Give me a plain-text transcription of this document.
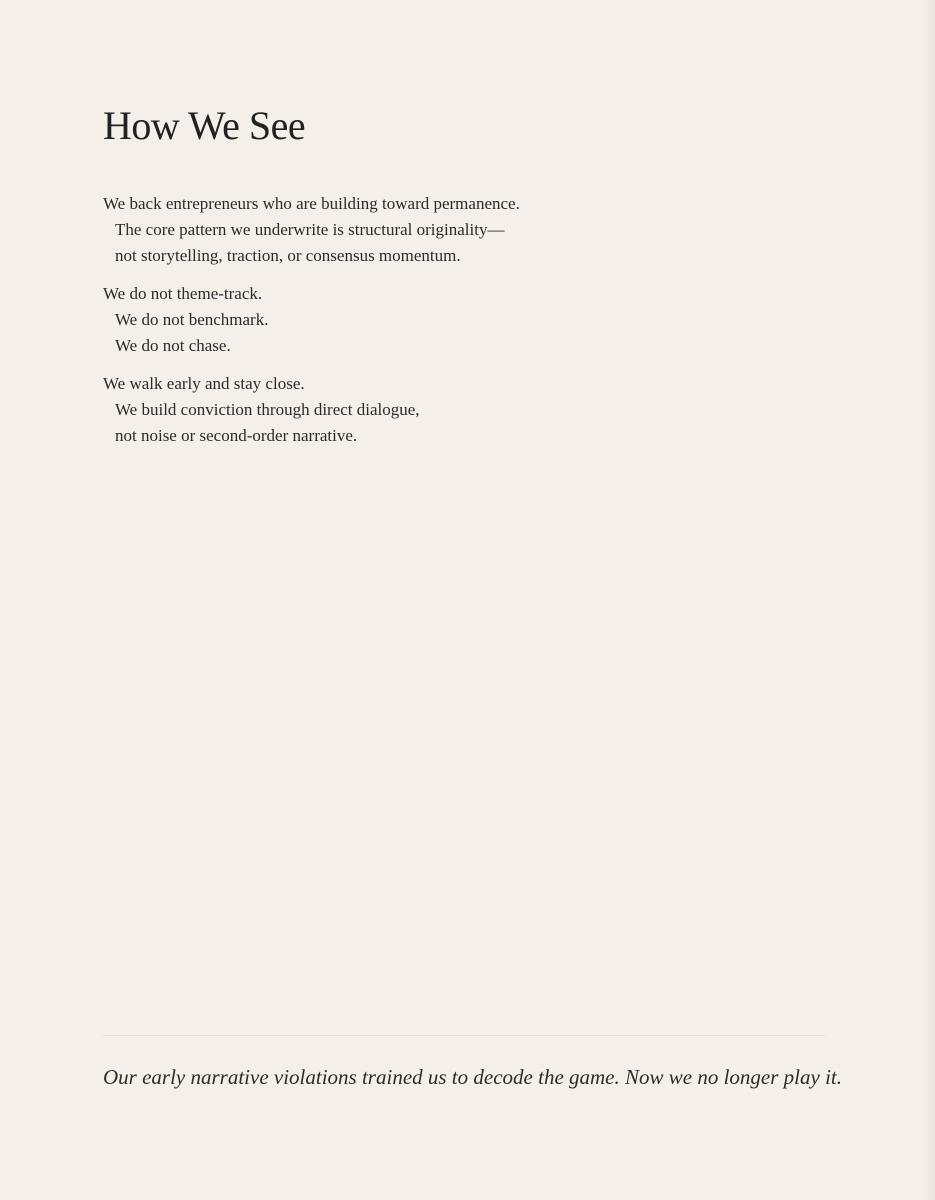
How We See

We back entrepreneurs who are building toward permanence.
The core pattern we underwrite is structural originality—
not storytelling, traction, or consensus momentum.

We do not theme-track.
We do not benchmark.
We do not chase.

We walk early and stay close.
We build conviction through direct dialogue,
not noise or second-order narrative.

Our early narrative violations trained us to decode the game. Now we no longer play it.
